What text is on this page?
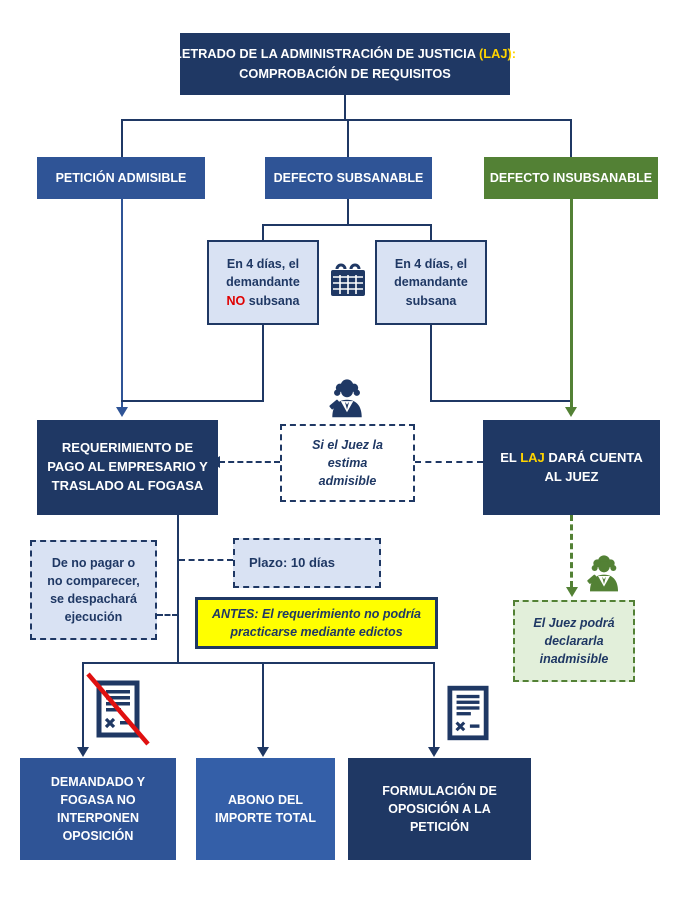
LETRADO DE LA ADMINISTRACIÓN DE JUSTICIA (LAJ):
COMPROBACIÓN DE REQUISITOS
PETICIÓN ADMISIBLE	DEFECTO SUBSANABLE	DEFECTO INSUBSANABLE
En 4 días, el
demandante
NO subsana
En 4 días, el
demandante
subsana
Si el Juez la
estima
admisible
REQUERIMIENTO DE
PAGO AL EMPRESARIO Y
TRASLADO AL FOGASA
EL LAJ DARÁ CUENTA
AL JUEZ
De no pagar o
no comparecer,
se despachará
ejecución
Plazo: 10 días
ANTES: El requerimiento no podría
practicarse mediante edictos
El Juez podrá
declararla
inadmisible
DEMANDADO Y
FOGASA NO
INTERPONEN
OPOSICIÓN
ABONO DEL
IMPORTE TOTAL
FORMULACIÓN DE
OPOSICIÓN A LA
PETICIÓN
